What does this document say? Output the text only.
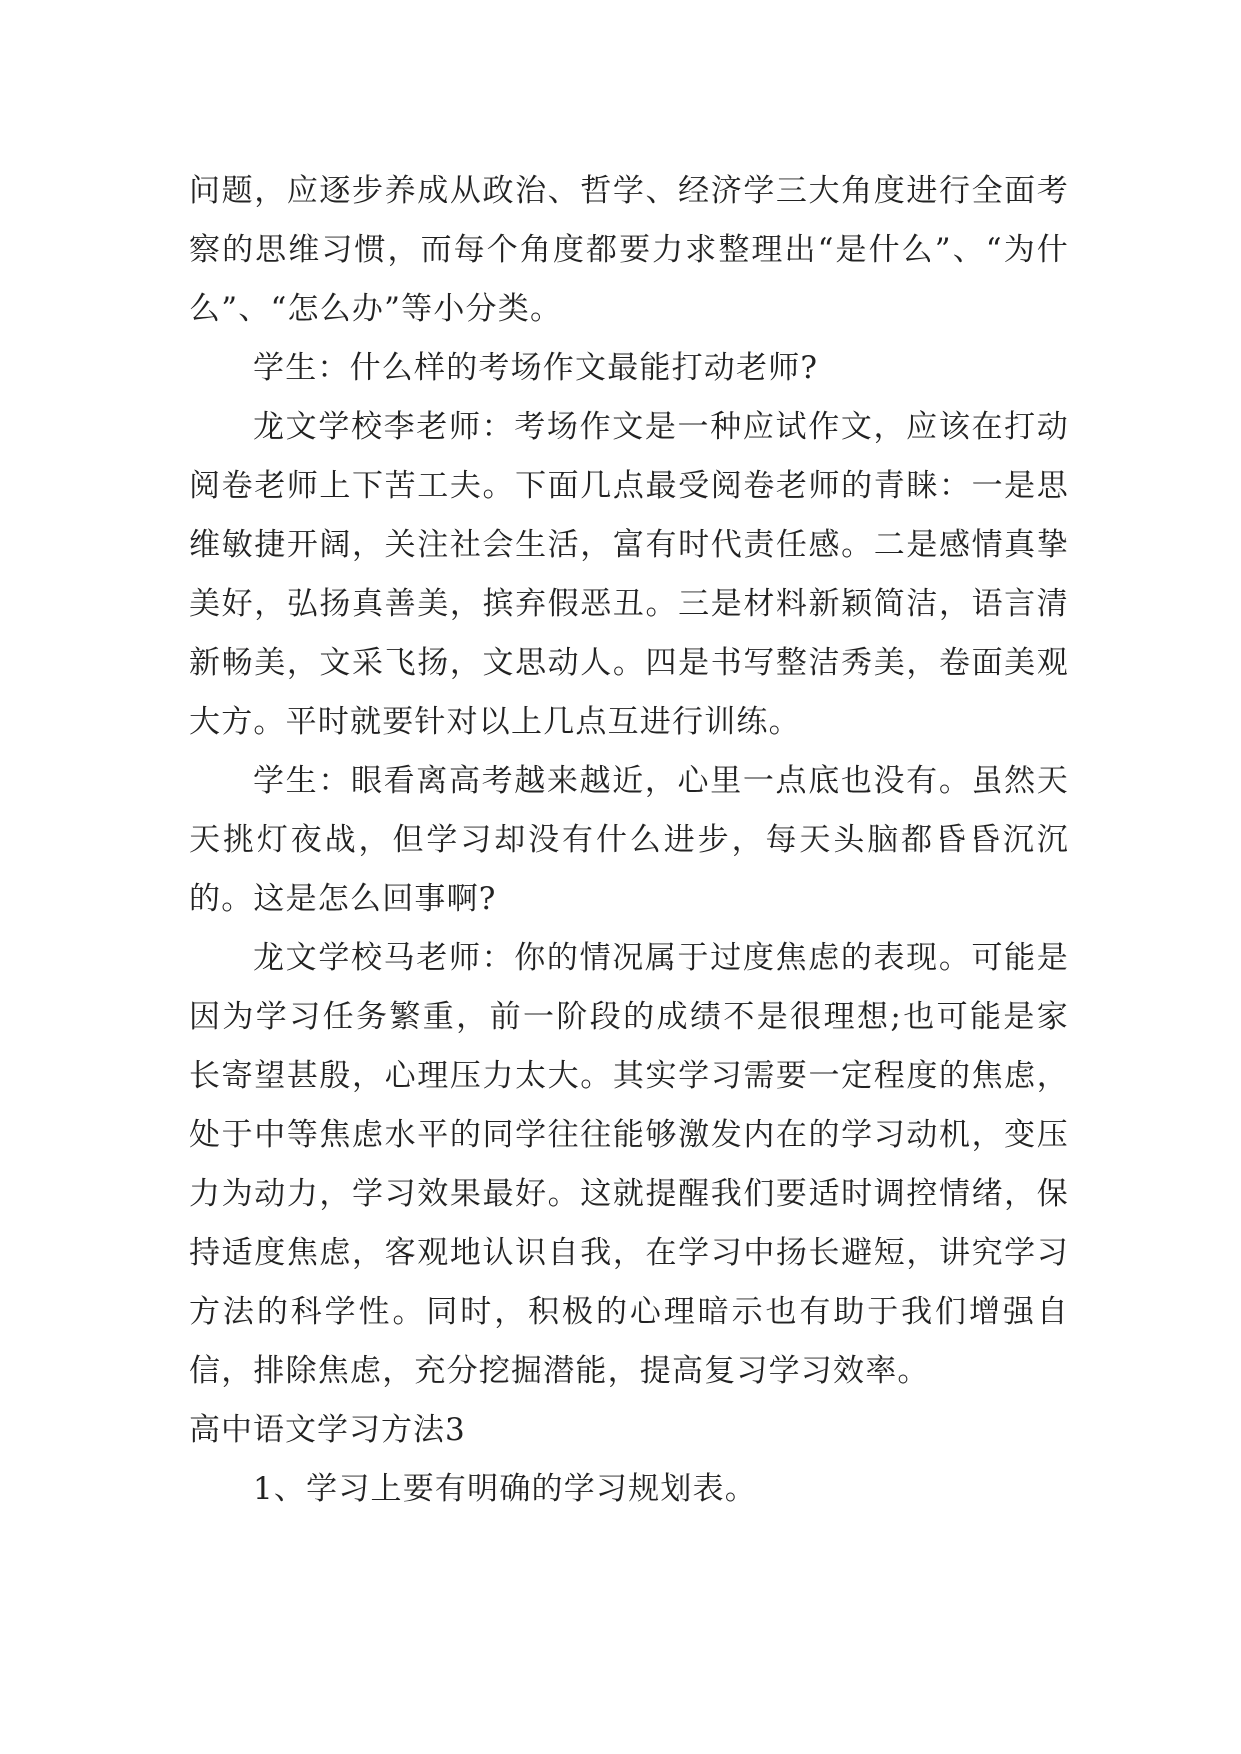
问题，应逐步养成从政治、哲学、经济学三大角度进行全面考察的思维习惯，而每个角度都要力求整理出“是什么”、“为什么”、“怎么办”等小分类。

学生：什么样的考场作文最能打动老师?

龙文学校李老师：考场作文是一种应试作文，应该在打动阅卷老师上下苦工夫。下面几点最受阅卷老师的青睐：一是思维敏捷开阔，关注社会生活，富有时代责任感。二是感情真挚美好，弘扬真善美，摈弃假恶丑。三是材料新颖简洁，语言清新畅美，文采飞扬，文思动人。四是书写整洁秀美，卷面美观大方。平时就要针对以上几点互进行训练。

学生：眼看离高考越来越近，心里一点底也没有。虽然天天挑灯夜战，但学习却没有什么进步，每天头脑都昏昏沉沉的。这是怎么回事啊?

龙文学校马老师：你的情况属于过度焦虑的表现。可能是因为学习任务繁重，前一阶段的成绩不是很理想;也可能是家长寄望甚殷，心理压力太大。其实学习需要一定程度的焦虑，处于中等焦虑水平的同学往往能够激发内在的学习动机，变压力为动力，学习效果最好。这就提醒我们要适时调控情绪，保持适度焦虑，客观地认识自我，在学习中扬长避短，讲究学习方法的科学性。同时，积极的心理暗示也有助于我们增强自信，排除焦虑，充分挖掘潜能，提高复习学习效率。

高中语文学习方法3

1、学习上要有明确的学习规划表。
